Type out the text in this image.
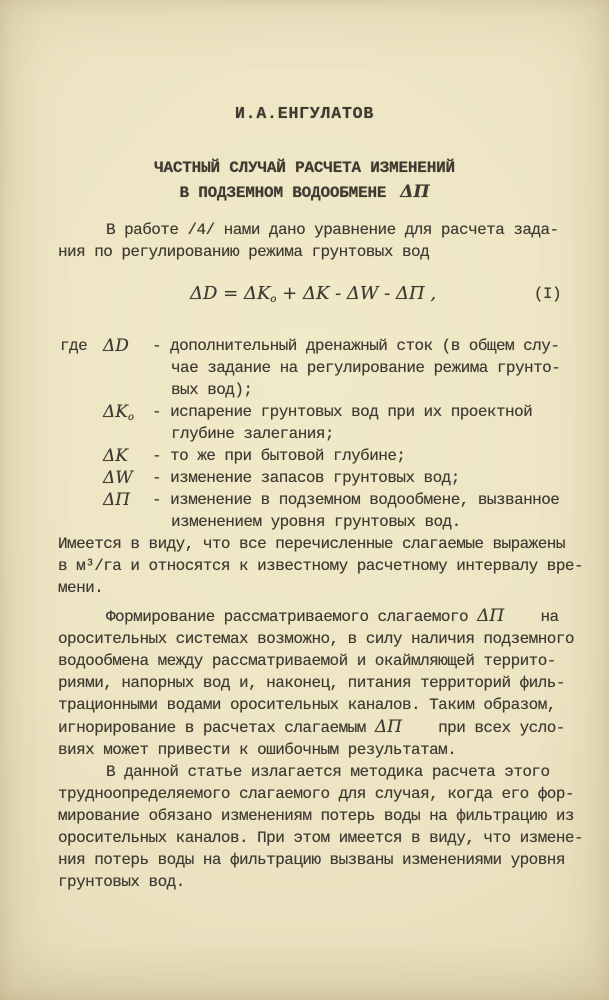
И.А.ЕНГУЛАТОВ
ЧАСТНЫЙ СЛУЧАЙ РАСЧЕТА ИЗМЕНЕНИЙ
В ПОДЗЕМНОМ ВОДООБМЕНЕ ΔП

В работе /4/ нами дано уравнение для расчета зада-

ния по регулированию режима грунтовых вод

$\Delta D = \Delta K_o + \Delta K - \Delta W - \Delta П$ ,	(I)
где ΔD	- дополнительный дренажный сток (в общем слу-

чае задание на регулирование режима грунто-

вых вод);

$\Delta K_o$	- испарение грунтовых вод при их проектной

глубине залегания;

ΔK	- то же при бытовой глубине;

ΔW	- изменение запасов грунтовых вод;

ΔП	- изменение в подземном водообмене, вызванное

изменением уровня грунтовых вод.

Имеется в виду, что все перечисленные слагаемые выражены

в м³/га и относятся к известному расчетному интервалу вре-

мени.

Формирование рассматриваемого слагаемого ΔП    на

оросительных системах возможно, в силу наличия подземного

водообмена между рассматриваемой и окаймляющей террито-

риями, напорных вод и, наконец, питания территорий филь-

трационными водами оросительных каналов. Таким образом,

игнорирование в расчетах слагаемым ΔП    при всех усло-

виях может привести к ошибочным результатам.

В данной статье излагается методика расчета этого

трудноопределяемого слагаемого для случая, когда его фор-

мирование обязано изменениям потерь воды на фильтрацию из

оросительных каналов. При этом имеется в виду, что измене-

ния потерь воды на фильтрацию вызваны изменениями уровня

грунтовых вод.
